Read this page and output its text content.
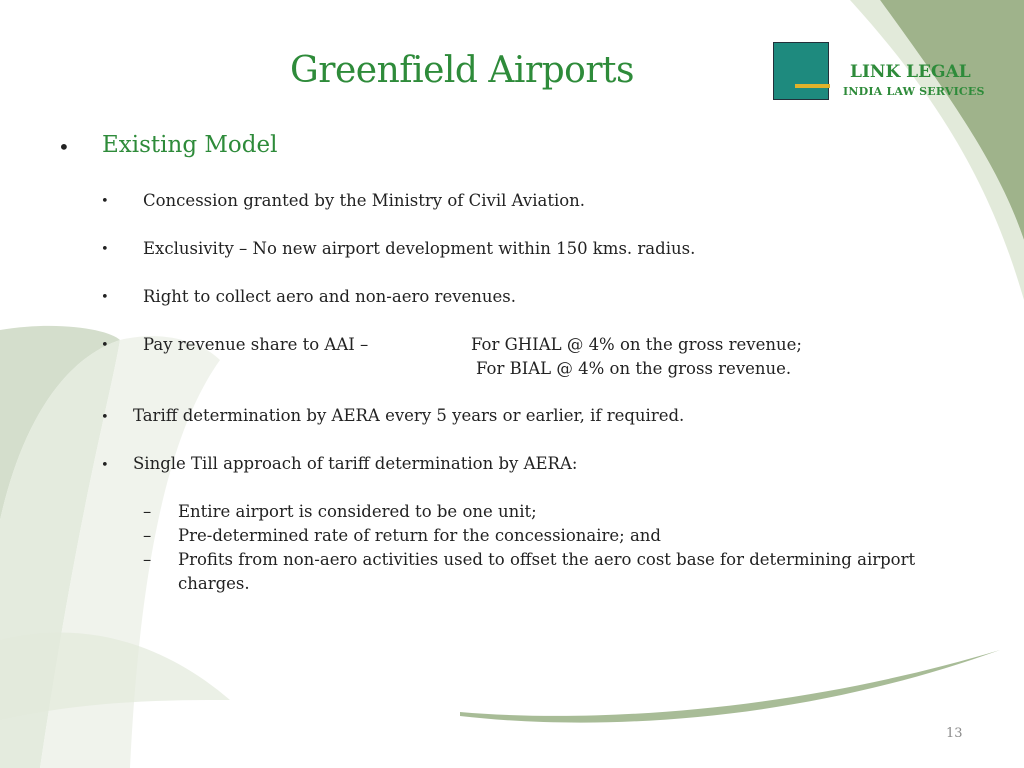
Greenfield Airports	LINK LEGAL
INDIA LAW SERVICES
• Existing Model
• Concession granted by the Ministry of Civil Aviation.
• Exclusivity – No new airport development within 150 kms. radius.
• Right to collect aero and non-aero revenues.
• Pay revenue share to AAI –	For GHIAL @ 4% on the gross revenue;
For BIAL @ 4% on the gross revenue.
• Tariff determination by AERA every 5 years or earlier, if required.
• Single Till approach of tariff determination by AERA:
– Entire airport is considered to be one unit;
– Pre-determined rate of return for the concessionaire; and
– Profits from non-aero activities used to offset the aero cost base for determining airport
charges.
13
